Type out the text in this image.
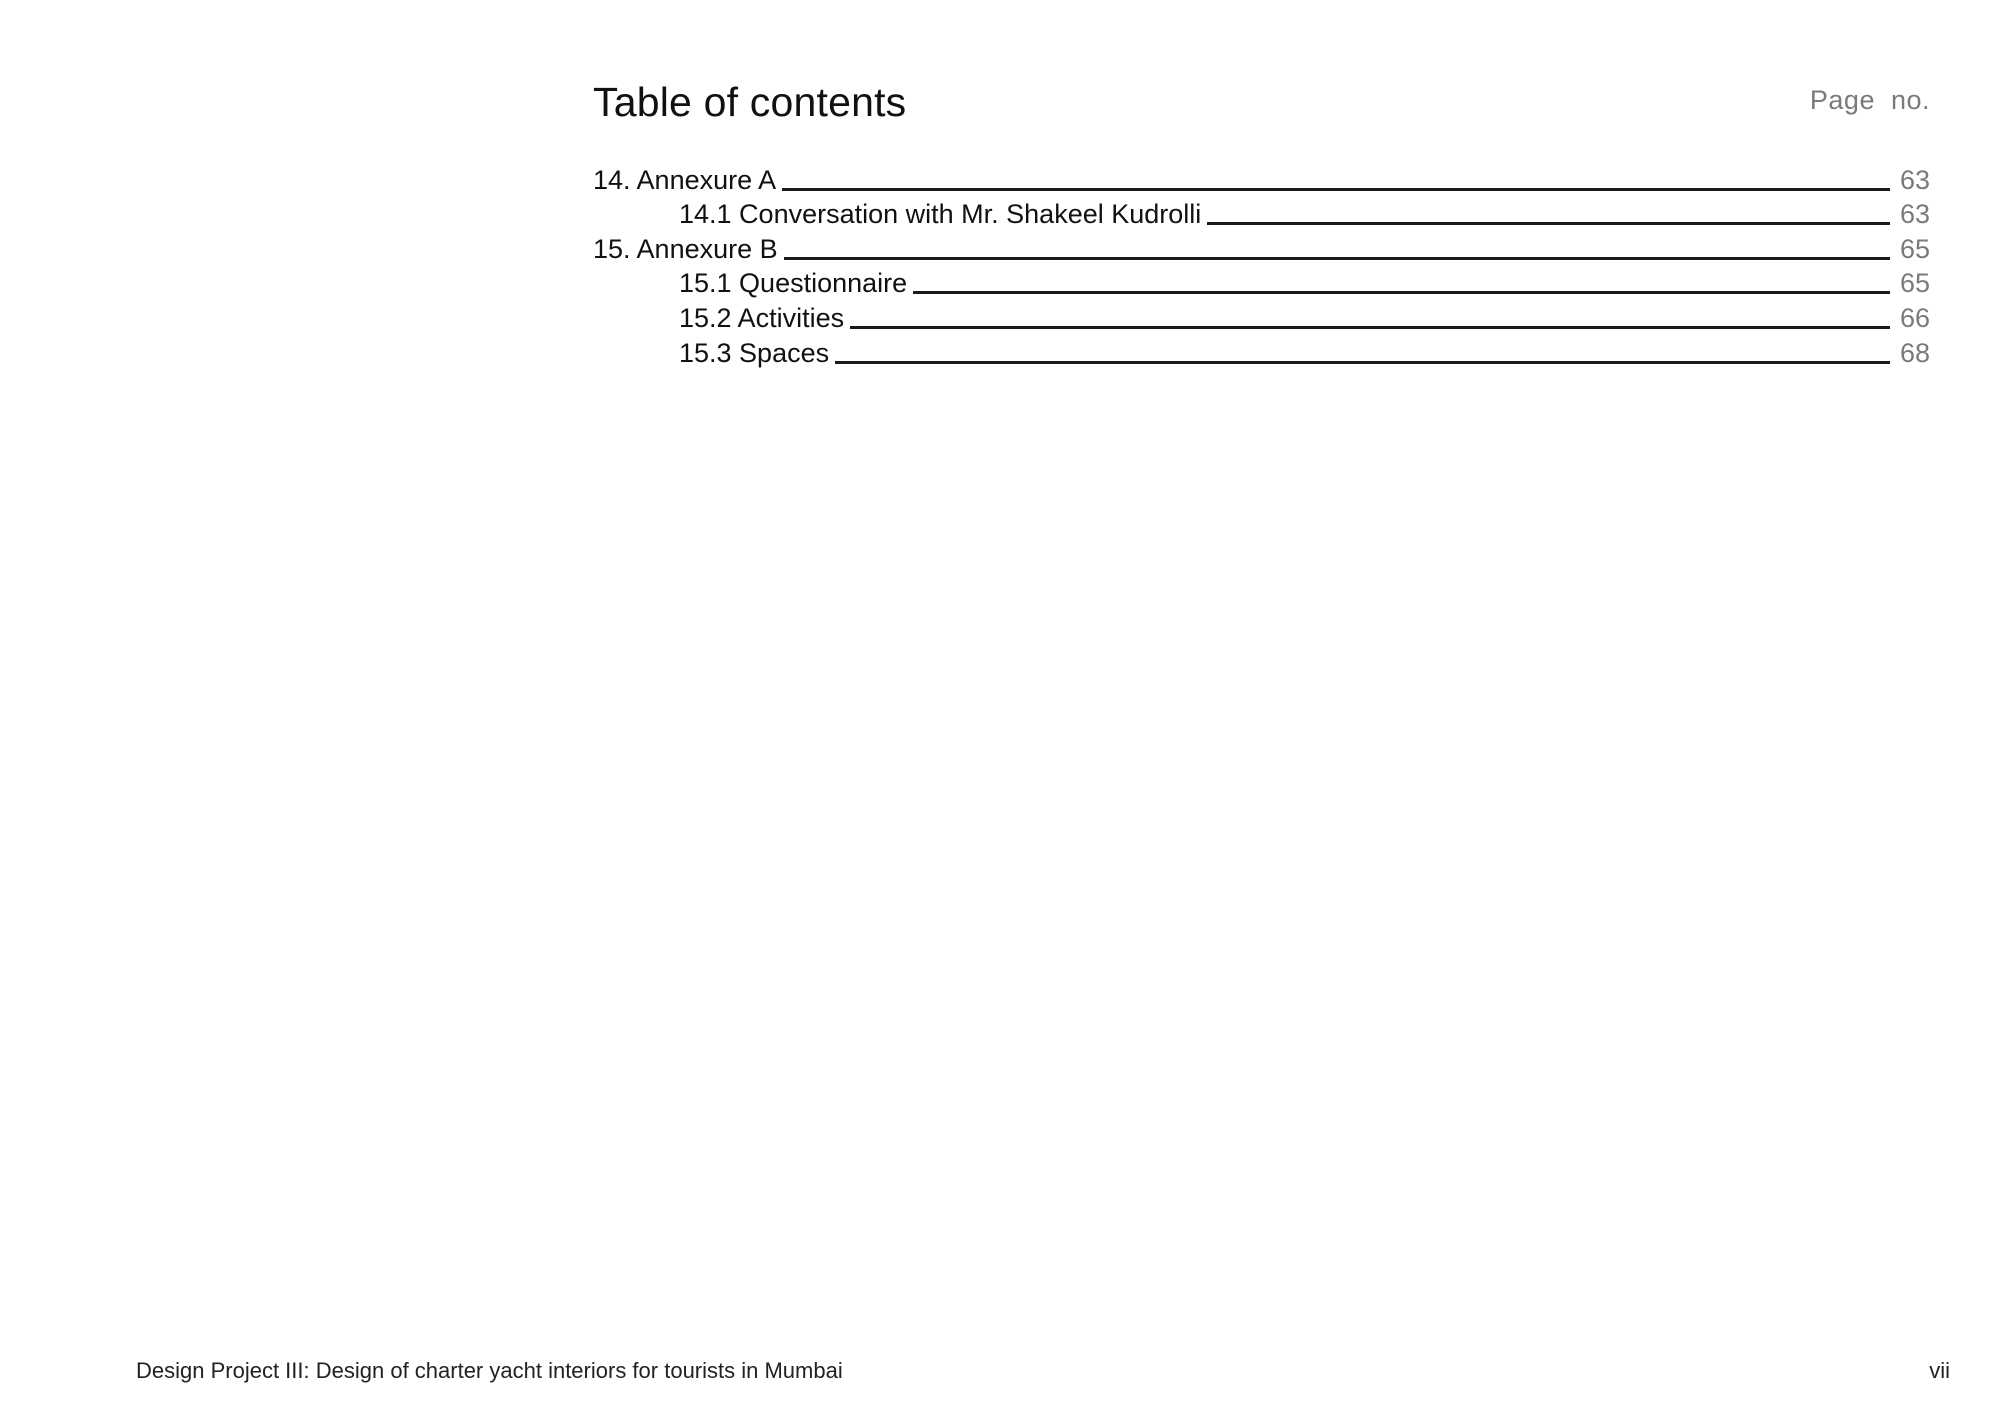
Table of contents	Page no.
14. Annexure A	63
14.1 Conversation with Mr. Shakeel Kudrolli	63
15. Annexure B	65
15.1 Questionnaire	65
15.2 Activities	66
15.3 Spaces	68
Design Project III: Design of charter yacht interiors for tourists in Mumbai	vii
